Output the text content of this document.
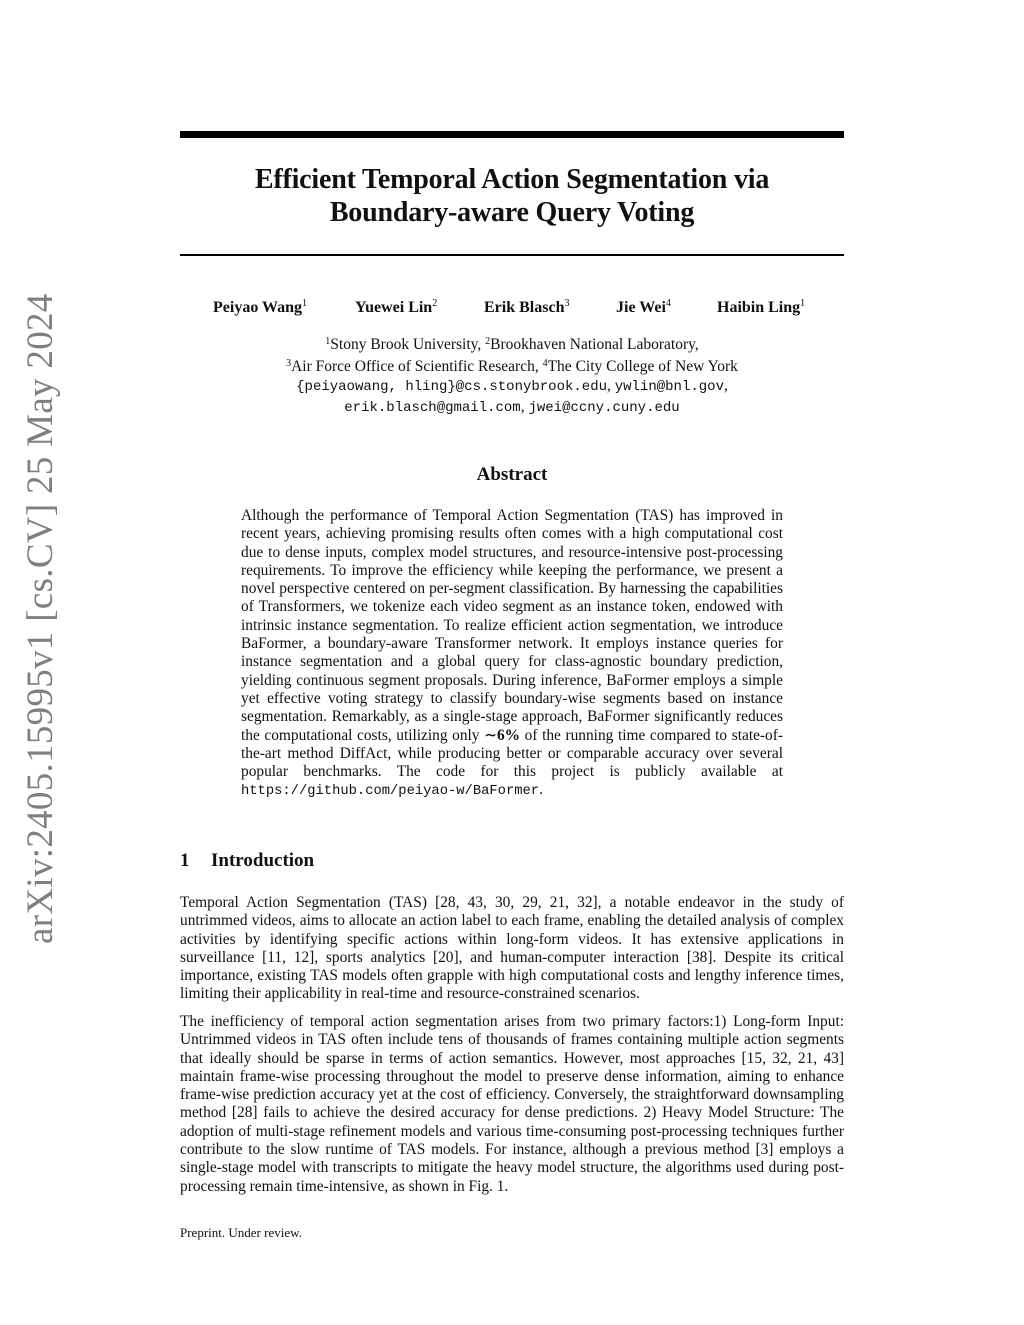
arXiv:2405.15995v1 [cs.CV] 25 May 2024
Efficient Temporal Action Segmentation via
Boundary-aware Query Voting
Peiyao Wang$^1$	Yuewei Lin$^2$	Erik Blasch$^3$	Jie Wei$^4$	Haibin Ling$^1$
$^1$Stony Brook University, $^2$Brookhaven National Laboratory,
$^3$Air Force Office of Scientific Research, $^4$The City College of New York
{peiyaowang, hling}@cs.stonybrook.edu, ywlin@bnl.gov,
erik.blasch@gmail.com, jwei@ccny.cuny.edu
Abstract
Although the performance of Temporal Action Segmentation (TAS) has improved in recent years, achieving promising results often comes with a high computational cost due to dense inputs, complex model structures, and resource-intensive post-processing requirements. To improve the efficiency while keeping the performance, we present a novel perspective centered on per-segment classification. By harnessing the capabilities of Transformers, we tokenize each video segment as an instance token, endowed with intrinsic instance segmentation. To realize efficient action segmentation, we introduce BaFormer, a boundary-aware Transformer network. It employs instance queries for instance segmentation and a global query for class-agnostic boundary prediction, yielding continuous segment proposals. During inference, BaFormer employs a simple yet effective voting strategy to classify boundary-wise segments based on instance segmentation. Remarkably, as a single-stage approach, BaFormer significantly reduces the computational costs, utilizing only ∼6% of the running time compared to state-of-the-art method DiffAct, while producing better or comparable accuracy over several popular benchmarks. The code for this project is publicly available at https://github.com/peiyao-w/BaFormer.
1 Introduction

Temporal Action Segmentation (TAS) [28, 43, 30, 29, 21, 32], a notable endeavor in the study of untrimmed videos, aims to allocate an action label to each frame, enabling the detailed analysis of complex activities by identifying specific actions within long-form videos. It has extensive applications in surveillance [11, 12], sports analytics [20], and human-computer interaction [38]. Despite its critical importance, existing TAS models often grapple with high computational costs and lengthy inference times, limiting their applicability in real-time and resource-constrained scenarios.

The inefficiency of temporal action segmentation arises from two primary factors:1) Long-form Input: Untrimmed videos in TAS often include tens of thousands of frames containing multiple action segments that ideally should be sparse in terms of action semantics. However, most approaches [15, 32, 21, 43] maintain frame-wise processing throughout the model to preserve dense information, aiming to enhance frame-wise prediction accuracy yet at the cost of efficiency. Conversely, the straightforward downsampling method [28] fails to achieve the desired accuracy for dense predictions. 2) Heavy Model Structure: The adoption of multi-stage refinement models and various time-consuming post-processing techniques further contribute to the slow runtime of TAS models. For instance, although a previous method [3] employs a single-stage model with transcripts to mitigate the heavy model structure, the algorithms used during post-processing remain time-intensive, as shown in Fig. 1.

Preprint. Under review.
